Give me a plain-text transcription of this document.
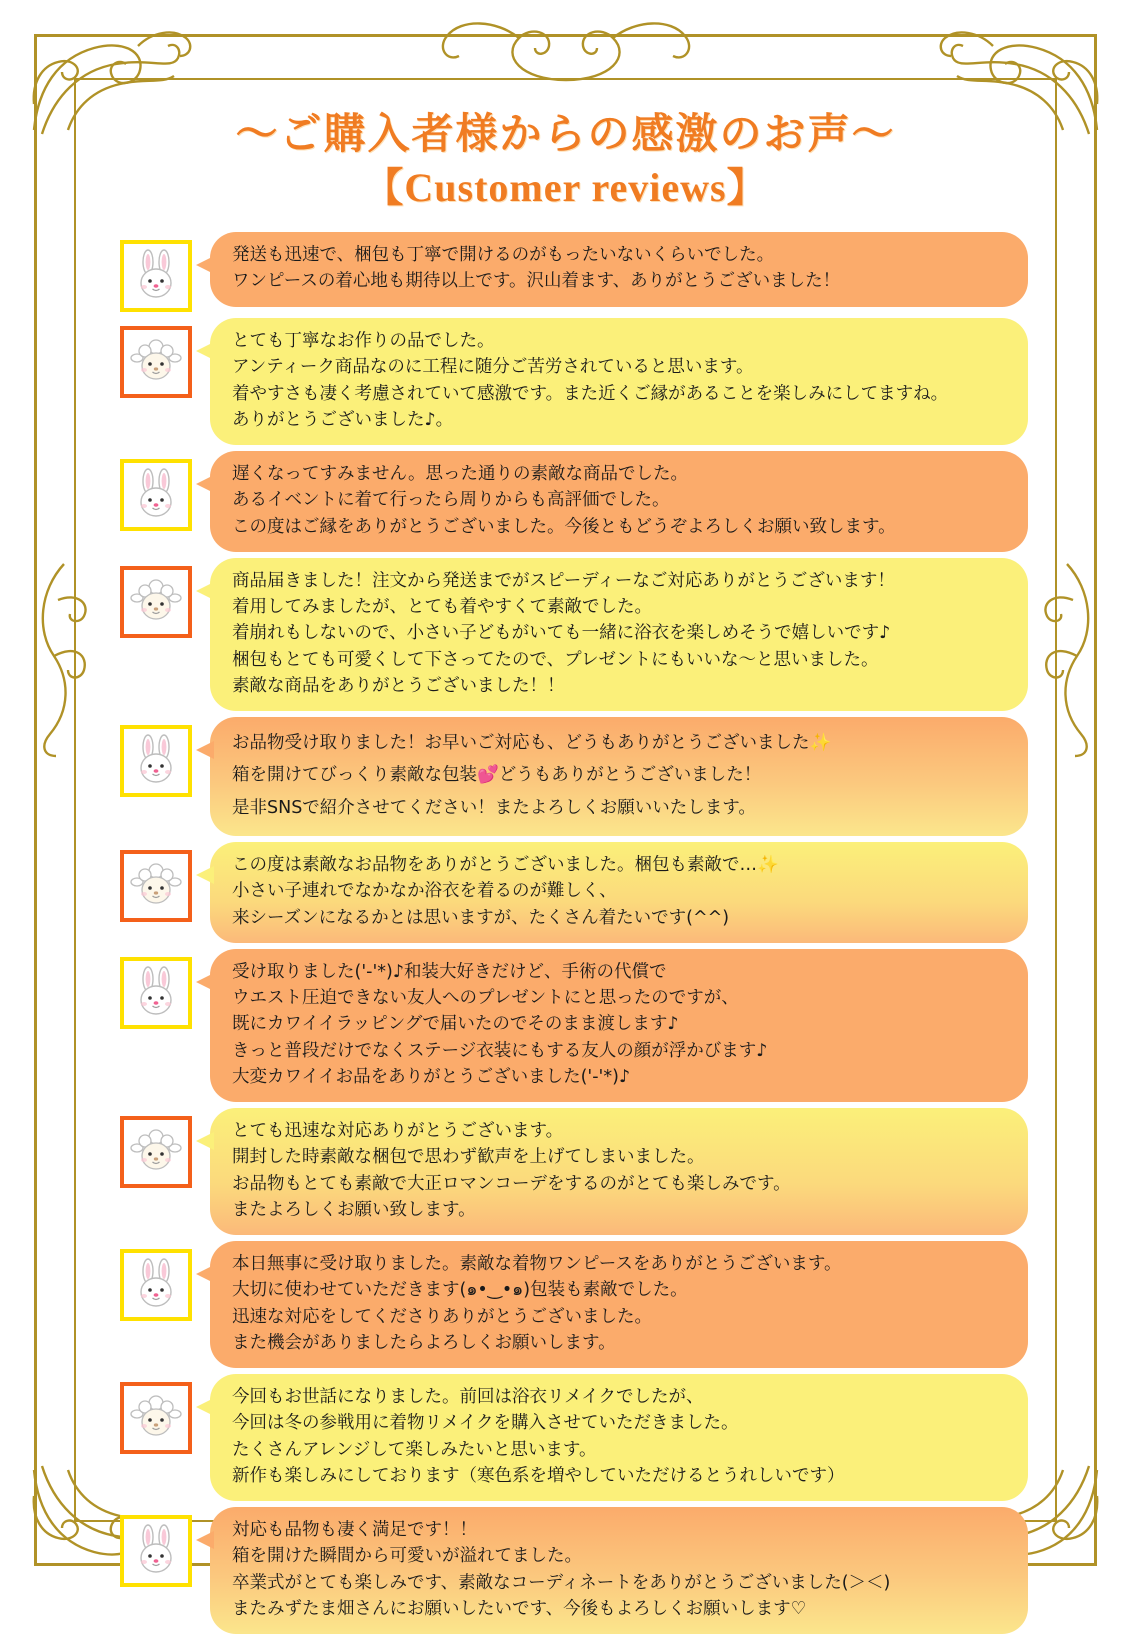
〜ご購入者様からの感激のお声〜
【Customer reviews】
発送も迅速で、梱包も丁寧で開けるのがもったいないくらいでした。
ワンピースの着心地も期待以上です。沢山着ます、ありがとうございました！
とても丁寧なお作りの品でした。
アンティーク商品なのに工程に随分ご苦労されていると思います。
着やすさも凄く考慮されていて感激です。また近くご縁があることを楽しみにしてますね。
ありがとうございました♪。
遅くなってすみません。思った通りの素敵な商品でした。
あるイベントに着て行ったら周りからも高評価でした。
この度はご縁をありがとうございました。今後ともどうぞよろしくお願い致します。
商品届きました！注文から発送までがスピーディーなご対応ありがとうございます！
着用してみましたが、とても着やすくて素敵でした。
着崩れもしないので、小さい子どもがいても一緒に浴衣を楽しめそうで嬉しいです♪
梱包もとても可愛くして下さってたので、プレゼントにもいいな〜と思いました。
素敵な商品をありがとうございました！！
お品物受け取りました！お早いご対応も、どうもありがとうございました✨
箱を開けてびっくり素敵な包装💕どうもありがとうございました！
是非SNSで紹介させてください！またよろしくお願いいたします。
この度は素敵なお品物をありがとうございました。梱包も素敵で…✨
小さい子連れでなかなか浴衣を着るのが難しく、
来シーズンになるかとは思いますが、たくさん着たいです(^^)
受け取りました('-'*)♪和装大好きだけど、手術の代償で
ウエスト圧迫できない友人へのプレゼントにと思ったのですが、
既にカワイイラッピングで届いたのでそのまま渡します♪
きっと普段だけでなくステージ衣装にもする友人の顔が浮かびます♪
大変カワイイお品をありがとうございました('-'*)♪
とても迅速な対応ありがとうございます。
開封した時素敵な梱包で思わず歓声を上げてしまいました。
お品物もとても素敵で大正ロマンコーデをするのがとても楽しみです。
またよろしくお願い致します。
本日無事に受け取りました。素敵な着物ワンピースをありがとうございます。
大切に使わせていただきます(๑•‿•๑)包装も素敵でした。
迅速な対応をしてくださりありがとうございました。
また機会がありましたらよろしくお願いします。
今回もお世話になりました。前回は浴衣リメイクでしたが、
今回は冬の参戦用に着物リメイクを購入させていただきました。
たくさんアレンジして楽しみたいと思います。
新作も楽しみにしております（寒色系を増やしていただけるとうれしいです）
対応も品物も凄く満足です！！
箱を開けた瞬間から可愛いが溢れてました。
卒業式がとても楽しみです、素敵なコーディネートをありがとうございました(＞＜)
またみずたま畑さんにお願いしたいです、今後もよろしくお願いします♡
